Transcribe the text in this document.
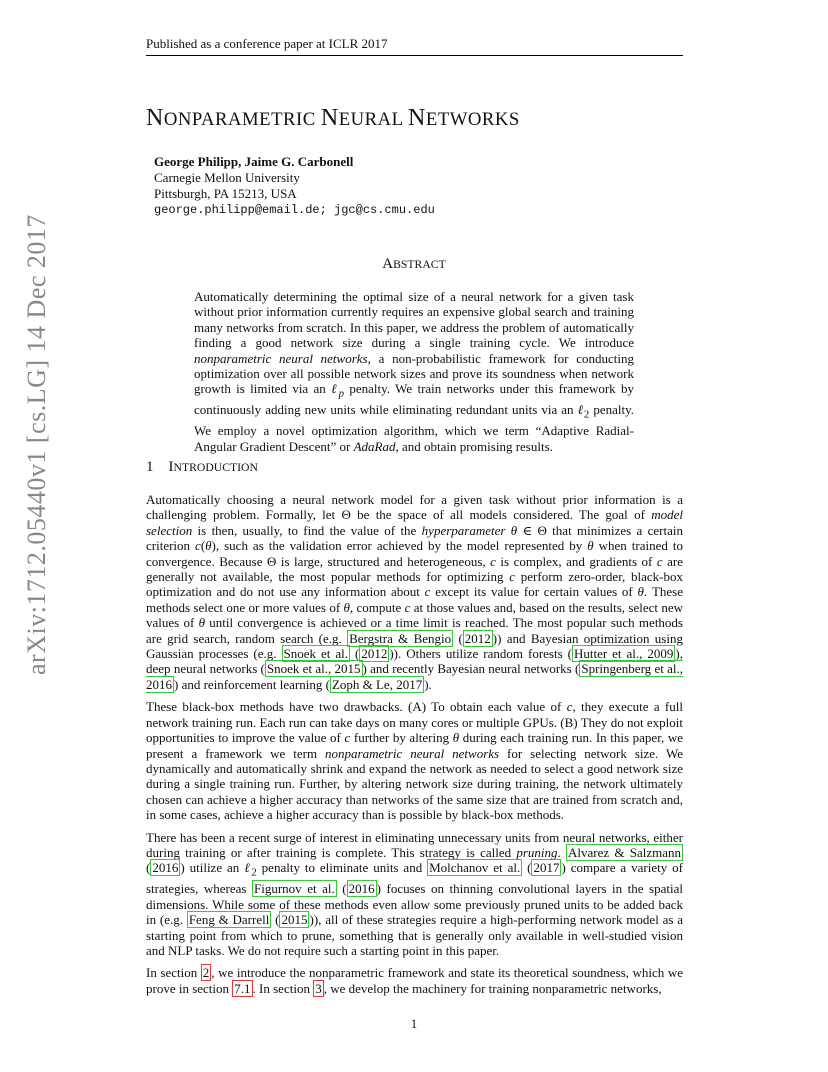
Published as a conference paper at ICLR 2017
NONPARAMETRIC NEURAL NETWORKS
George Philipp, Jaime G. Carbonell
Carnegie Mellon University
Pittsburgh, PA 15213, USA
george.philipp@email.de; jgc@cs.cmu.edu
ABSTRACT
Automatically determining the optimal size of a neural network for a given task without prior information currently requires an expensive global search and training many networks from scratch. In this paper, we address the problem of automatically finding a good network size during a single training cycle. We introduce nonparametric neural networks, a non-probabilistic framework for conducting optimization over all possible network sizes and prove its soundness when network growth is limited via an ℓ$_p$ penalty. We train networks under this framework by continuously adding new units while eliminating redundant units via an ℓ$_2$ penalty. We employ a novel optimization algorithm, which we term “Adaptive Radial-Angular Gradient Descent” or AdaRad, and obtain promising results.
1 INTRODUCTION

Automatically choosing a neural network model for a given task without prior information is a challenging problem. Formally, let Θ be the space of all models considered. The goal of model selection is then, usually, to find the value of the hyperparameter θ ∈ Θ that minimizes a certain criterion c(θ), such as the validation error achieved by the model represented by θ when trained to convergence. Because Θ is large, structured and heterogeneous, c is complex, and gradients of c are generally not available, the most popular methods for optimizing c perform zero-order, black-box optimization and do not use any information about c except its value for certain values of θ. These methods select one or more values of θ, compute c at those values and, based on the results, select new values of θ until convergence is achieved or a time limit is reached. The most popular such methods are grid search, random search (e.g. Bergstra & Bengio ( 2012 )) and Bayesian optimization using Gaussian processes (e.g. Snoek et al. ( 2012 )). Others utilize random forests ( Hutter et al., 2009 ), deep neural networks ( Snoek et al., 2015 ) and recently Bayesian neural networks ( Springenberg et al., 2016 ) and reinforcement learning ( Zoph & Le, 2017 ).

These black-box methods have two drawbacks. (A) To obtain each value of c, they execute a full network training run. Each run can take days on many cores or multiple GPUs. (B) They do not exploit opportunities to improve the value of c further by altering θ during each training run. In this paper, we present a framework we term nonparametric neural networks for selecting network size. We dynamically and automatically shrink and expand the network as needed to select a good network size during a single training run. Further, by altering network size during training, the network ultimately chosen can achieve a higher accuracy than networks of the same size that are trained from scratch and, in some cases, achieve a higher accuracy than is possible by black-box methods.

There has been a recent surge of interest in eliminating unnecessary units from neural networks, either during training or after training is complete. This strategy is called pruning. Alvarez & Salzmann ( 2016 ) utilize an ℓ$_2$ penalty to eliminate units and Molchanov et al. ( 2017 ) compare a variety of strategies, whereas Figurnov et al. ( 2016 ) focuses on thinning convolutional layers in the spatial dimensions. While some of these methods even allow some previously pruned units to be added back in (e.g. Feng & Darrell ( 2015 )), all of these strategies require a high-performing network model as a starting point from which to prune, something that is generally only available in well-studied vision and NLP tasks. We do not require such a starting point in this paper.

In section 2 , we introduce the nonparametric framework and state its theoretical soundness, which we prove in section 7.1 . In section 3 , we develop the machinery for training nonparametric networks,

arXiv:1712.05440v1 [cs.LG] 14 Dec 2017
1
